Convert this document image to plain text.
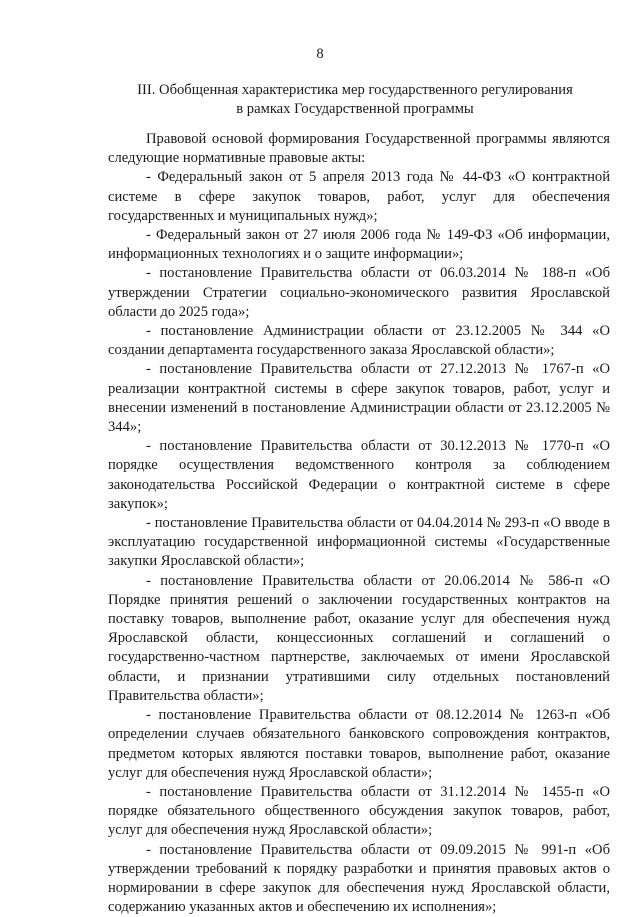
8
III. Обобщенная характеристика мер государственного регулирования
в рамках Государственной программы

Правовой основой формирования Государственной программы являются следующие нормативные правовые акты:

- Федеральный закон от 5 апреля 2013 года № 44-ФЗ «О контрактной системе в сфере закупок товаров, работ, услуг для обеспечения государственных и муниципальных нужд»;

- Федеральный закон от 27 июля 2006 года № 149-ФЗ «Об информации, информационных технологиях и о защите информации»;

- постановление Правительства области от 06.03.2014 № 188-п «Об утверждении Стратегии социально-экономического развития Ярославской области до 2025 года»;

- постановление Администрации области от 23.12.2005 № 344 «О создании департамента государственного заказа Ярославской области»;

- постановление Правительства области от 27.12.2013 № 1767-п «О реализации контрактной системы в сфере закупок товаров, работ, услуг и внесении изменений в постановление Администрации области от 23.12.2005 № 344»;

- постановление Правительства области от 30.12.2013 № 1770-п «О порядке осуществления ведомственного контроля за соблюдением законодательства Российской Федерации о контрактной системе в сфере закупок»;

- постановление Правительства области от 04.04.2014 № 293-п «О вводе в эксплуатацию государственной информационной системы «Государственные закупки Ярославской области»;

- постановление Правительства области от 20.06.2014 № 586-п «О Порядке принятия решений о заключении государственных контрактов на поставку товаров, выполнение работ, оказание услуг для обеспечения нужд Ярославской области, концессионных соглашений и соглашений о государственно-частном партнерстве, заключаемых от имени Ярославской области, и признании утратившими силу отдельных постановлений Правительства области»;

- постановление Правительства области от 08.12.2014 № 1263-п «Об определении случаев обязательного банковского сопровождения контрактов, предметом которых являются поставки товаров, выполнение работ, оказание услуг для обеспечения нужд Ярославской области»;

- постановление Правительства области от 31.12.2014 № 1455-п «О порядке обязательного общественного обсуждения закупок товаров, работ, услуг для обеспечения нужд Ярославской области»;

- постановление Правительства области от 09.09.2015 № 991-п «Об утверждении требований к порядку разработки и принятия правовых актов о нормировании в сфере закупок для обеспечения нужд Ярославской области, содержанию указанных актов и обеспечению их исполнения»;
